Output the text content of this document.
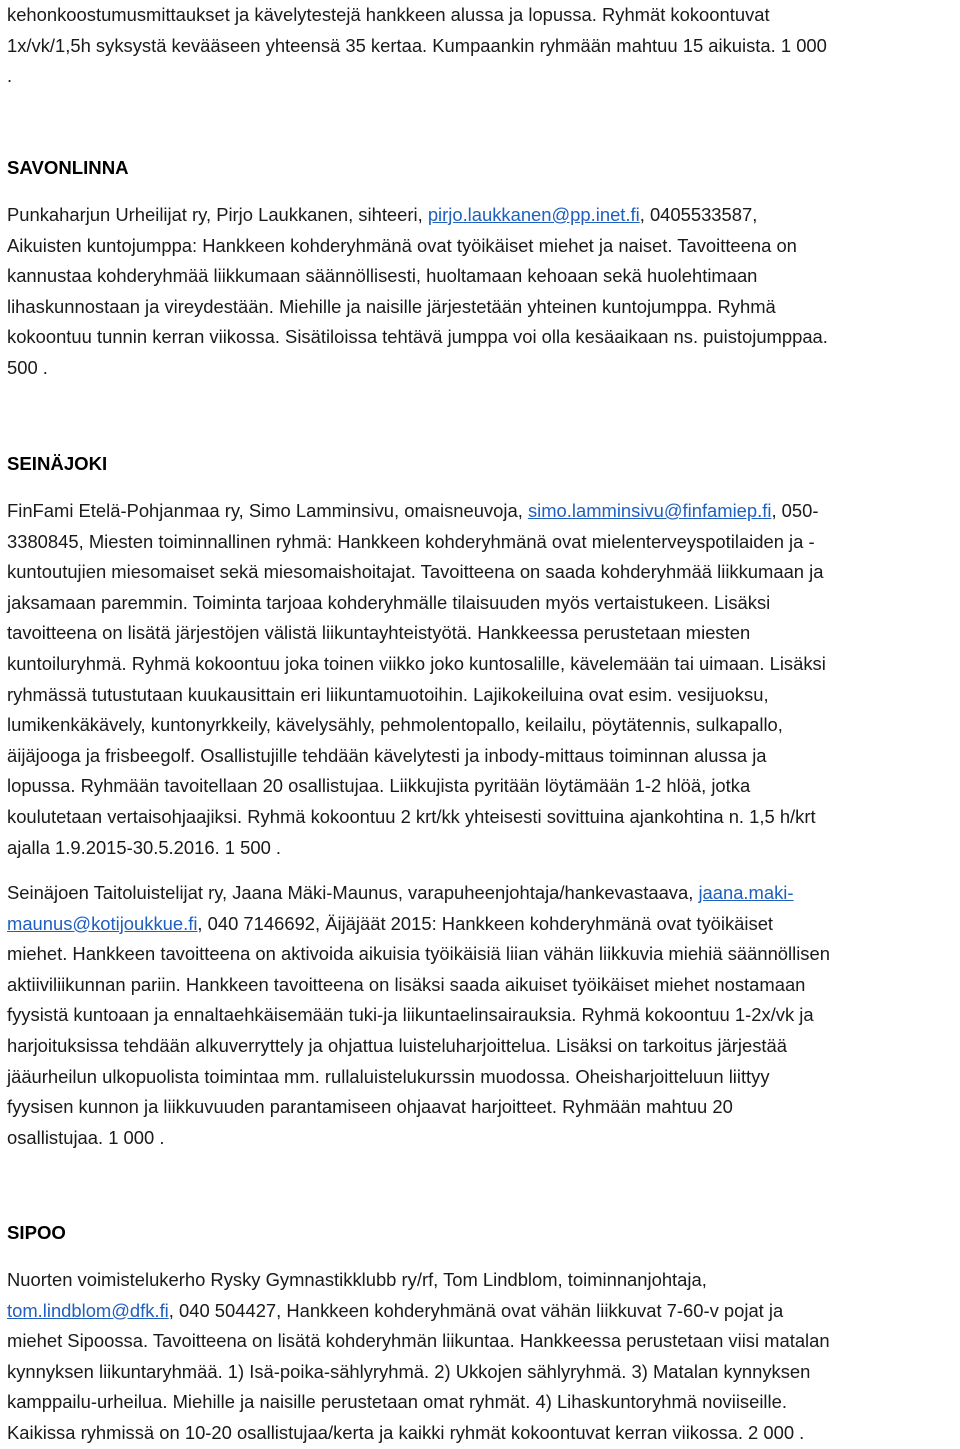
kehonkoostumusmittaukset ja kävelytestejä hankkeen alussa ja lopussa. Ryhmät kokoontuvat
1x/vk/1,5h syksystä kevääseen yhteensä 35 kertaa. Kumpaankin ryhmään mahtuu 15 aikuista. 1 000
.

SAVONLINNA

Punkaharjun Urheilijat ry, Pirjo Laukkanen, sihteeri, pirjo.laukkanen@pp.inet.fi, 0405533587,
Aikuisten kuntojumppa: Hankkeen kohderyhmänä ovat työikäiset miehet ja naiset. Tavoitteena on
kannustaa kohderyhmää liikkumaan säännöllisesti, huoltamaan kehoaan sekä huolehtimaan
lihaskunnostaan ja vireydestään. Miehille ja naisille järjestetään yhteinen kuntojumppa. Ryhmä
kokoontuu tunnin kerran viikossa. Sisätiloissa tehtävä jumppa voi olla kesäaikaan ns. puistojumppaa.
500 .

SEINÄJOKI

FinFami Etelä-Pohjanmaa ry, Simo Lamminsivu, omaisneuvoja, simo.lamminsivu@finfamiep.fi, 050-
3380845, Miesten toiminnallinen ryhmä: Hankkeen kohderyhmänä ovat mielenterveyspotilaiden ja -
kuntoutujien miesomaiset sekä miesomaishoitajat. Tavoitteena on saada kohderyhmää liikkumaan ja
jaksamaan paremmin. Toiminta tarjoaa kohderyhmälle tilaisuuden myös vertaistukeen. Lisäksi
tavoitteena on lisätä järjestöjen välistä liikuntayhteistyötä. Hankkeessa perustetaan miesten
kuntoiluryhmä. Ryhmä kokoontuu joka toinen viikko joko kuntosalille, kävelemään tai uimaan. Lisäksi
ryhmässä tutustutaan kuukausittain eri liikuntamuotoihin. Lajikokeiluina ovat esim. vesijuoksu,
lumikenkäkävely, kuntonyrkkeily, kävelysähly, pehmolentopallo, keilailu, pöytätennis, sulkapallo,
äijäjooga ja frisbeegolf. Osallistujille tehdään kävelytesti ja inbody-mittaus toiminnan alussa ja
lopussa. Ryhmään tavoitellaan 20 osallistujaa. Liikkujista pyritään löytämään 1-2 hlöä, jotka
koulutetaan vertaisohjaajiksi. Ryhmä kokoontuu 2 krt/kk yhteisesti sovittuina ajankohtina n. 1,5 h/krt
ajalla 1.9.2015-30.5.2016. 1 500 .

Seinäjoen Taitoluistelijat ry, Jaana Mäki-Maunus, varapuheenjohtaja/hankevastaava, jaana.maki-
maunus@kotijoukkue.fi, 040 7146692, Äijäjäät 2015: Hankkeen kohderyhmänä ovat työikäiset
miehet. Hankkeen tavoitteena on aktivoida aikuisia työikäisiä liian vähän liikkuvia miehiä säännöllisen
aktiiviliikunnan pariin. Hankkeen tavoitteena on lisäksi saada aikuiset työikäiset miehet nostamaan
fyysistä kuntoaan ja ennaltaehkäisemään tuki-ja liikuntaelinsairauksia. Ryhmä kokoontuu 1-2x/vk ja
harjoituksissa tehdään alkuverryttely ja ohjattua luisteluharjoittelua. Lisäksi on tarkoitus järjestää
jääurheilun ulkopuolista toimintaa mm. rullaluistelukurssin muodossa. Oheisharjoitteluun liittyy
fyysisen kunnon ja liikkuvuuden parantamiseen ohjaavat harjoitteet. Ryhmään mahtuu 20
osallistujaa. 1 000 .

SIPOO

Nuorten voimistelukerho Rysky Gymnastikklubb ry/rf, Tom Lindblom, toiminnanjohtaja,
tom.lindblom@dfk.fi, 040 504427, Hankkeen kohderyhmänä ovat vähän liikkuvat 7-60-v pojat ja
miehet Sipoossa. Tavoitteena on lisätä kohderyhmän liikuntaa. Hankkeessa perustetaan viisi matalan
kynnyksen liikuntaryhmää. 1) Isä-poika-sählyryhmä. 2) Ukkojen sählyryhmä. 3) Matalan kynnyksen
kamppailu-urheilua. Miehille ja naisille perustetaan omat ryhmät. 4) Lihaskuntoryhmä noviiseille.
Kaikissa ryhmissä on 10-20 osallistujaa/kerta ja kaikki ryhmät kokoontuvat kerran viikossa. 2 000 .
